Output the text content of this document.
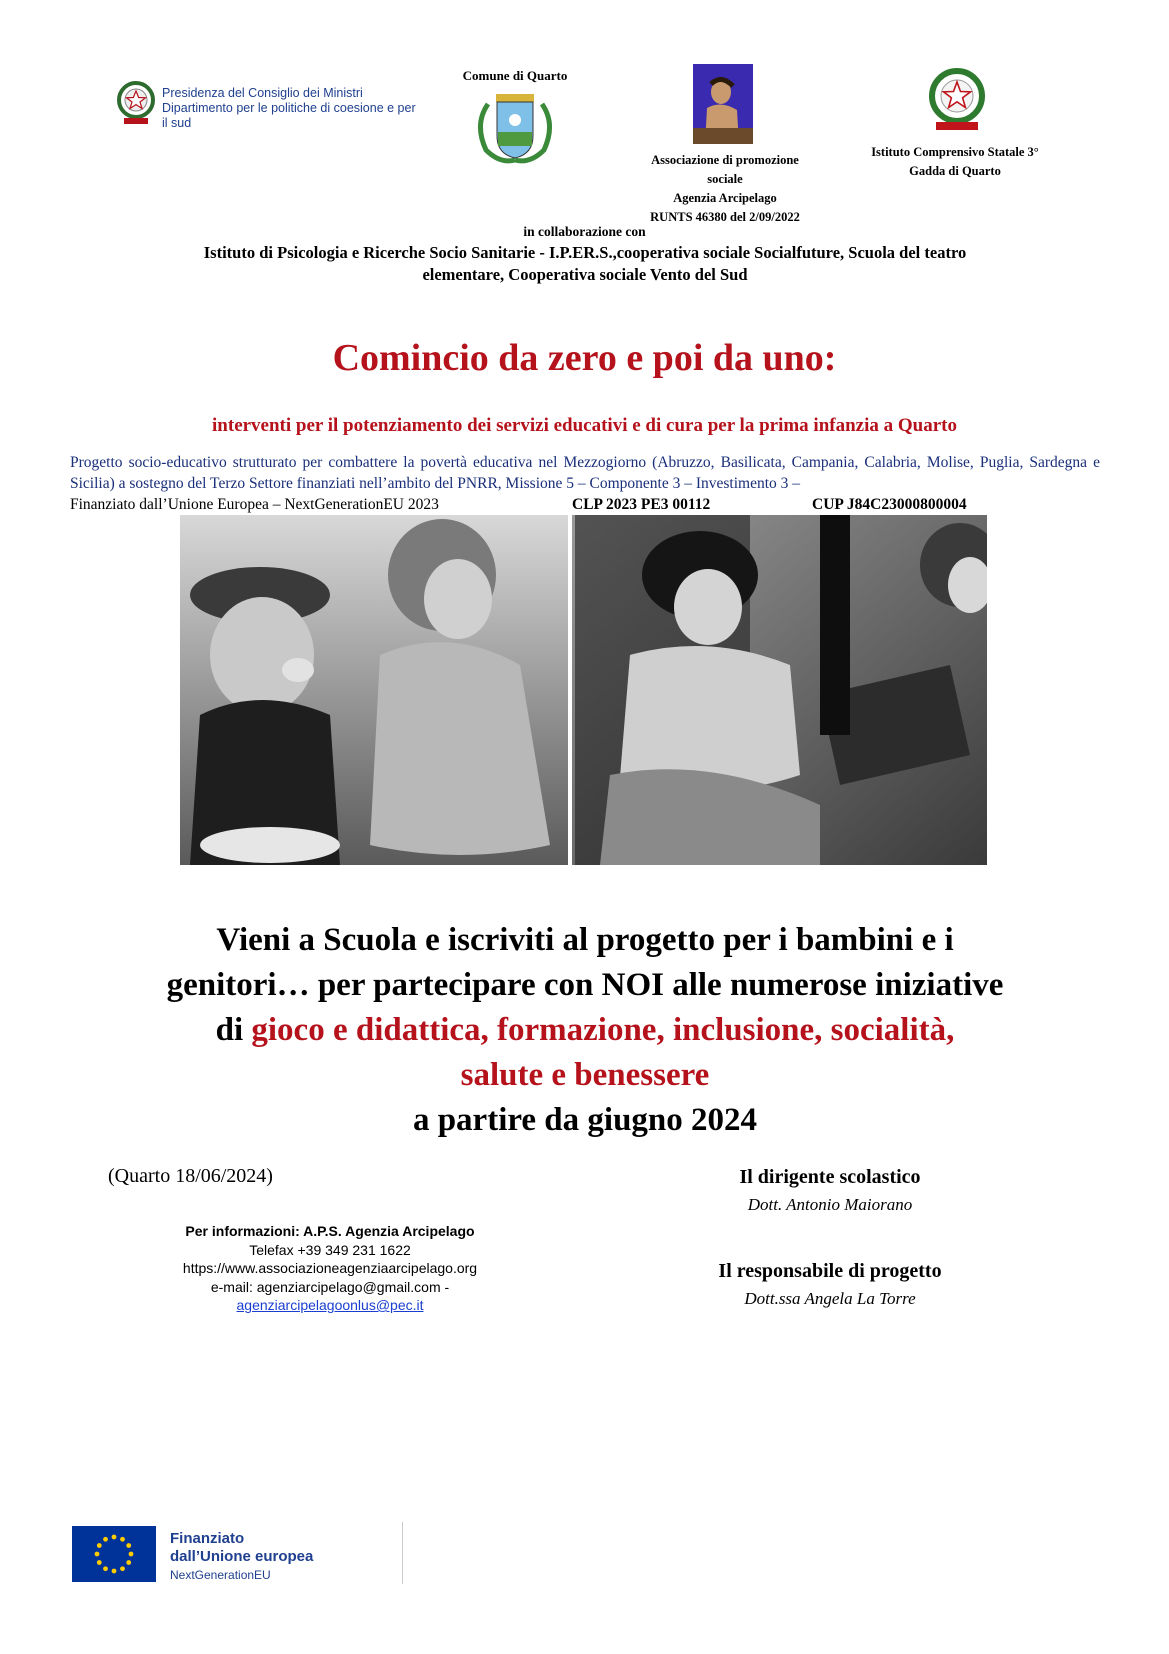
Presidenza del Consiglio dei Ministri
Dipartimento per le politiche di coesione e per il sud
Comune di Quarto
Associazione di promozione
sociale
Agenzia Arcipelago
RUNTS 46380 del 2/09/2022
Istituto Comprensivo Statale 3°
Gadda di Quarto
in collaborazione con
Istituto di Psicologia e Ricerche Socio Sanitarie - I.P.ER.S.,cooperativa sociale Socialfuture, Scuola del teatro
elementare, Cooperativa sociale Vento del Sud
Comincio da zero e poi da uno:
interventi per il potenziamento dei servizi educativi e di cura per la prima infanzia a Quarto
Progetto socio-educativo strutturato per combattere la povertà educativa nel Mezzogiorno (Abruzzo, Basilicata, Campania, Calabria, Molise, Puglia, Sardegna e Sicilia) a sostegno del Terzo Settore finanziati nell’ambito del PNRR, Missione 5 – Componente 3 – Investimento 3 –
Finanziato dall’Unione Europea – NextGenerationEU 2023	CLP 2023 PE3 00112	CUP J84C23000800004
Vieni a Scuola e iscriviti al progetto per i bambini e i
genitori… per partecipare con NOI alle numerose iniziative
di gioco e didattica, formazione, inclusione, socialità,
salute e benessere
a partire da giugno 2024
(Quarto 18/06/2024)
Per informazioni: A.P.S. Agenzia Arcipelago
Telefax +39 349 231 1622
https://www.associazioneagenziaarcipelago.org
e-mail: agenziarcipelago@gmail.com -
agenziarcipelagoonlus@pec.it
Il dirigente scolastico
Dott. Antonio Maiorano
Il responsabile di progetto
Dott.ssa Angela La Torre
Finanziato
dall’Unione europea
NextGenerationEU
